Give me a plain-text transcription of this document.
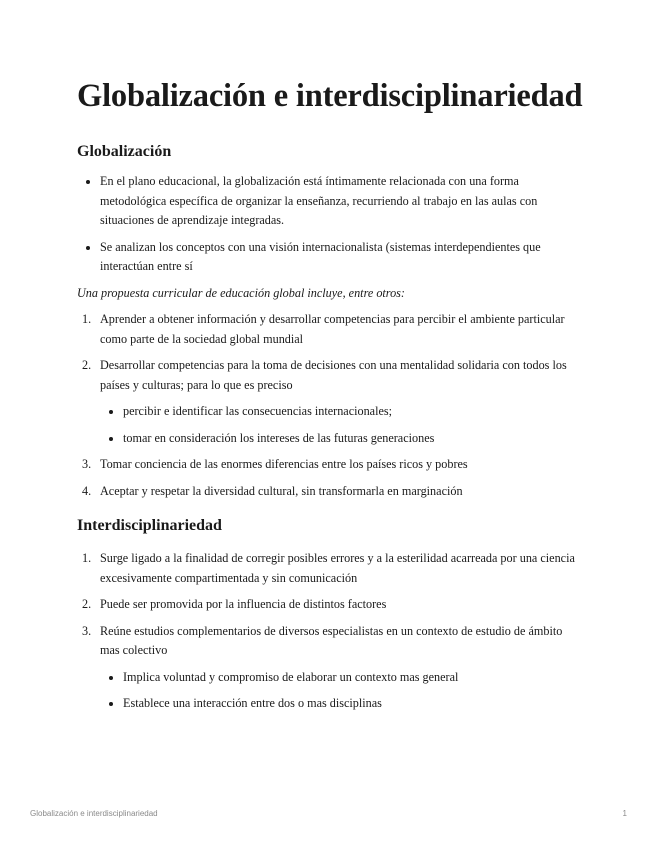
Globalización e interdisciplinariedad
Globalización
En el plano educacional, la globalización está íntimamente relacionada con una forma metodológica específica de organizar la enseñanza, recurriendo al trabajo en las aulas con situaciones de aprendizaje integradas.
Se analizan los conceptos con una visión internacionalista (sistemas interdependientes que interactúan entre sí
Una propuesta curricular de educación global incluye, entre otros:
1. Aprender a obtener información y desarrollar competencias para percibir el ambiente particular como parte de la sociedad global mundial
2. Desarrollar competencias para la toma de decisiones con una mentalidad solidaria con todos los países y culturas; para lo que es preciso
percibir e identificar las consecuencias internacionales;
tomar en consideración los intereses de las futuras generaciones
3. Tomar conciencia de las enormes diferencias entre los países ricos y pobres
4. Aceptar y respetar la diversidad cultural, sin transformarla en marginación
Interdisciplinariedad
1. Surge ligado a la finalidad de corregir posibles errores y a la esterilidad acarreada por una ciencia excesivamente compartimentada y sin comunicación
2. Puede ser promovida por la influencia de distintos factores
3. Reúne estudios complementarios de diversos especialistas en un contexto de estudio de ámbito mas colectivo
Implica voluntad y compromiso de elaborar un contexto mas general
Establece una interacción entre dos o mas disciplinas
Globalización e interdisciplinariedad	1
